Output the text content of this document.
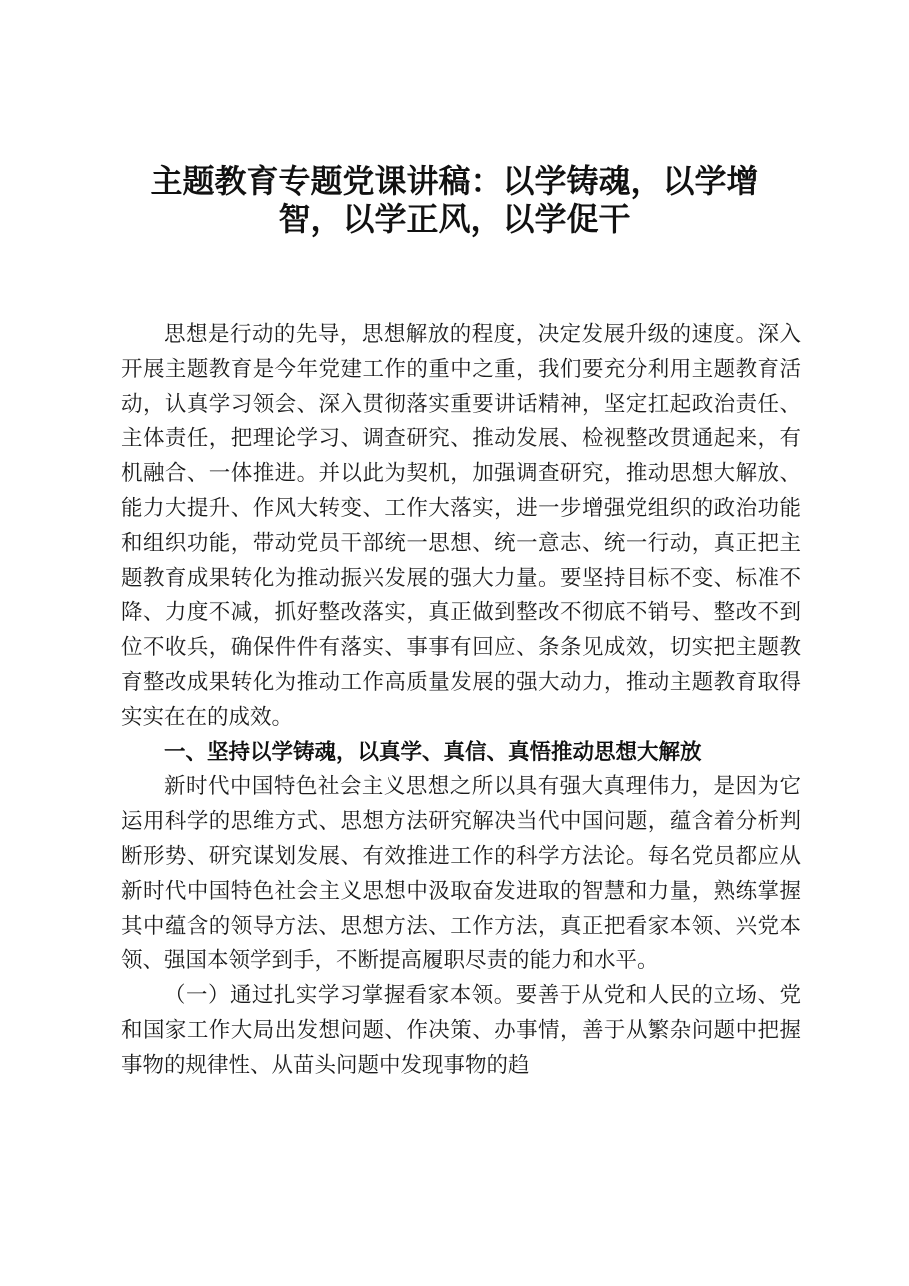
主题教育专题党课讲稿：以学铸魂，以学增
智，以学正风，以学促干

思想是行动的先导，思想解放的程度，决定发展升级的速度。深入开展主题教育是今年党建工作的重中之重，我们要充分利用主题教育活动，认真学习领会、深入贯彻落实重要讲话精神，坚定扛起政治责任、主体责任，把理论学习、调查研究、推动发展、检视整改贯通起来，有机融合、一体推进。并以此为契机，加强调查研究，推动思想大解放、能力大提升、作风大转变、工作大落实，进一步增强党组织的政治功能和组织功能，带动党员干部统一思想、统一意志、统一行动，真正把主题教育成果转化为推动振兴发展的强大力量。要坚持目标不变、标准不降、力度不减，抓好整改落实，真正做到整改不彻底不销号、整改不到位不收兵，确保件件有落实、事事有回应、条条见成效，切实把主题教育整改成果转化为推动工作高质量发展的强大动力，推动主题教育取得实实在在的成效。

一、坚持以学铸魂，以真学、真信、真悟推动思想大解放

新时代中国特色社会主义思想之所以具有强大真理伟力，是因为它运用科学的思维方式、思想方法研究解决当代中国问题，蕴含着分析判断形势、研究谋划发展、有效推进工作的科学方法论。每名党员都应从新时代中国特色社会主义思想中汲取奋发进取的智慧和力量，熟练掌握其中蕴含的领导方法、思想方法、工作方法，真正把看家本领、兴党本领、强国本领学到手，不断提高履职尽责的能力和水平。

（一）通过扎实学习掌握看家本领。要善于从党和人民的立场、党和国家工作大局出发想问题、作决策、办事情，善于从繁杂问题中把握事物的规律性、从苗头问题中发现事物的趋
